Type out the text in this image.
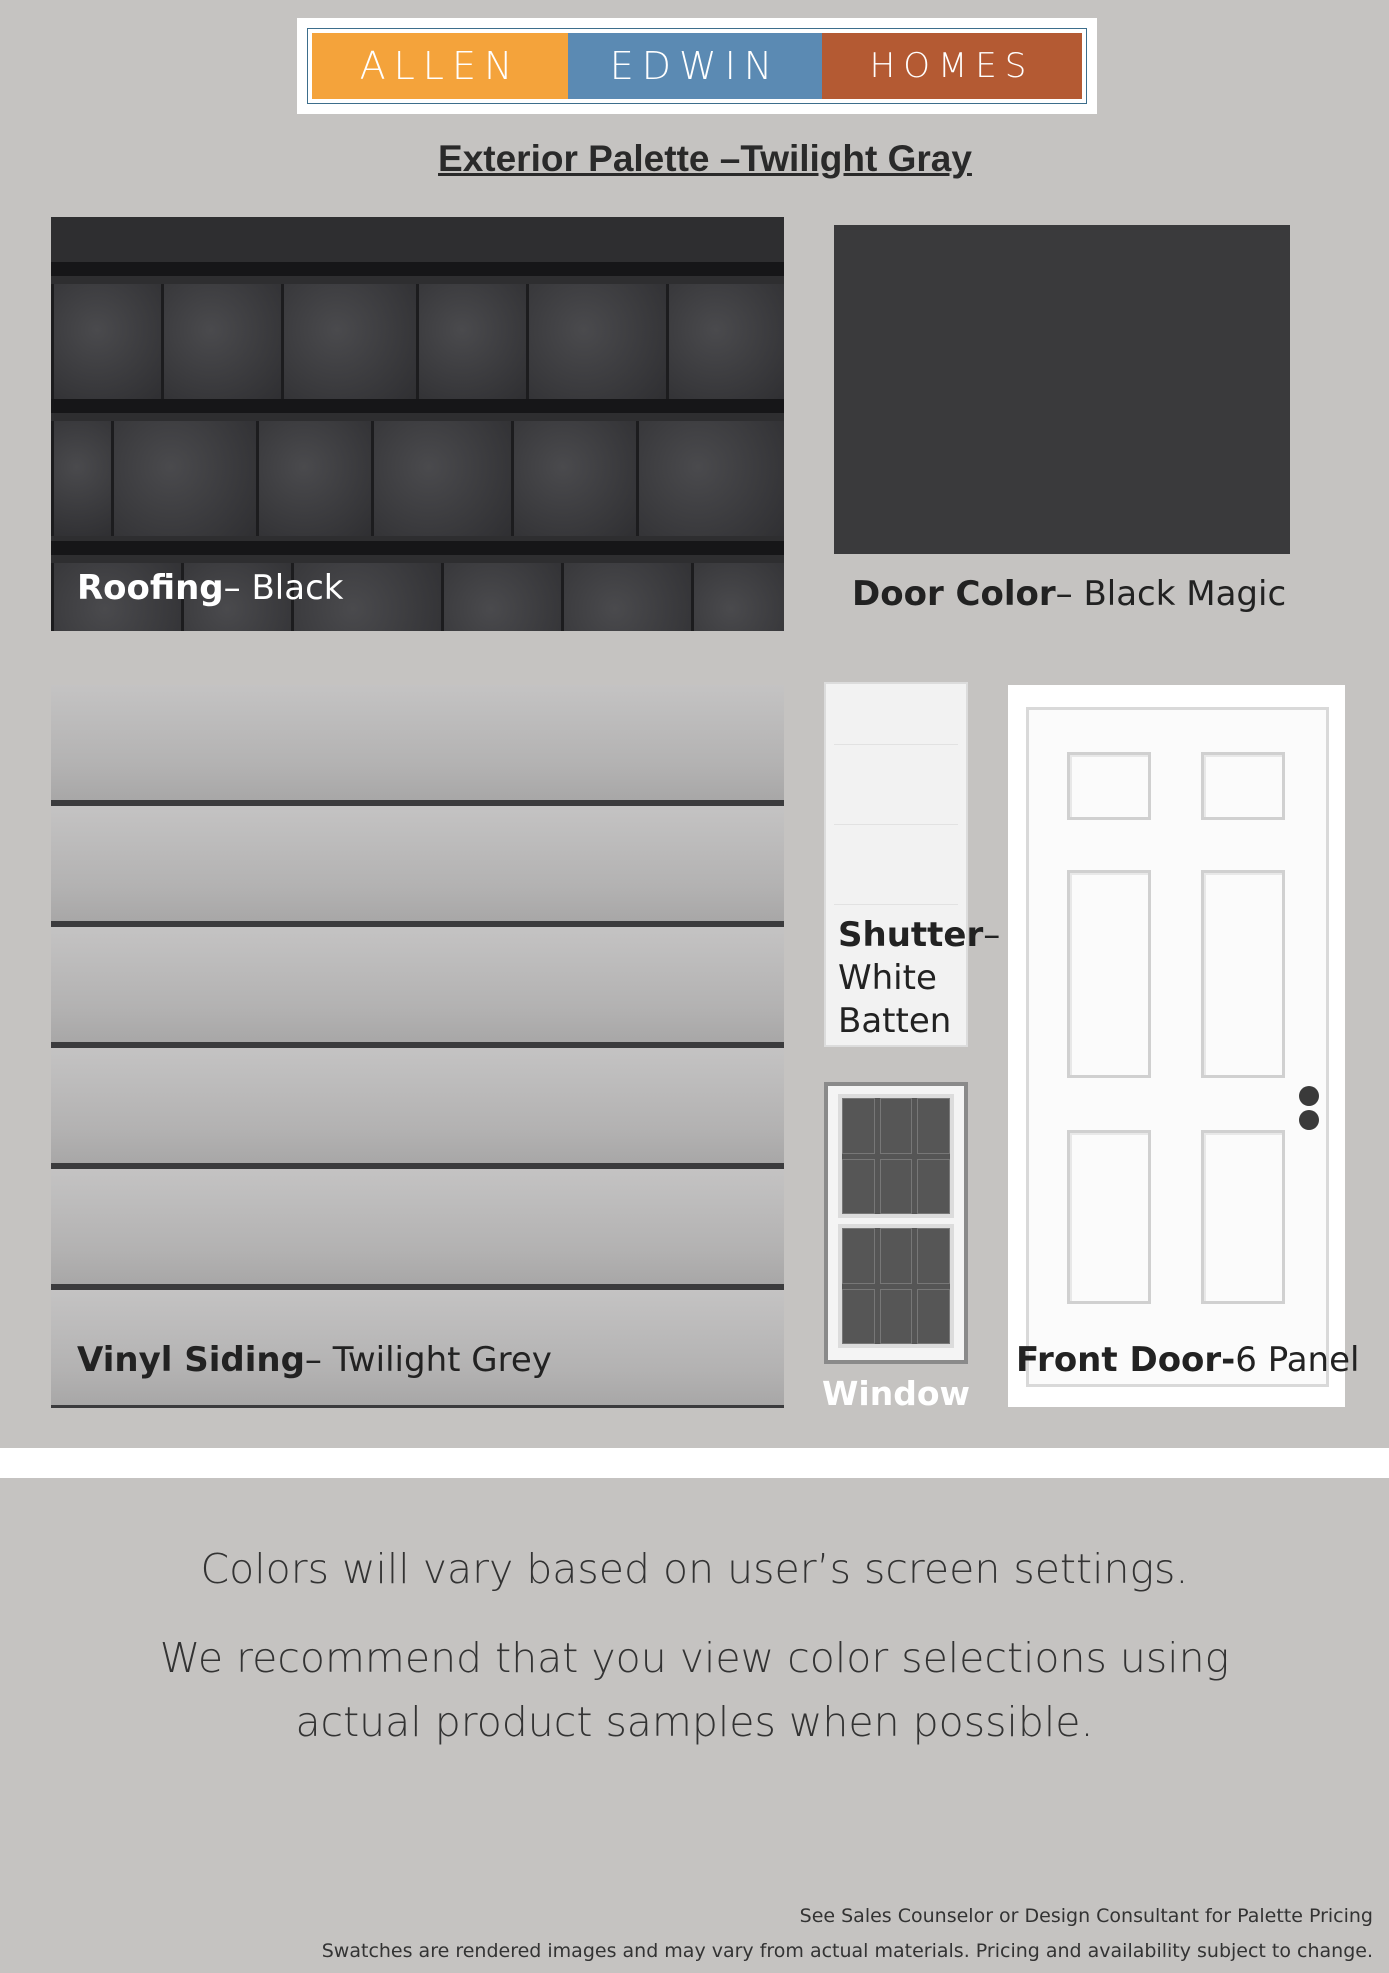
ALLEN	EDWIN	HOMES
Exterior Palette –Twilight Gray
Roofing– Black	Door Color– Black Magic
Vinyl Siding– Twilight Grey
Shutter–
White
Batten
Window
Front Door-6 Panel
Colors will vary based on user’s screen settings.
We recommend that you view color selections using
actual product samples when possible.
See Sales Counselor or Design Consultant for Palette Pricing
Swatches are rendered images and may vary from actual materials. Pricing and availability subject to change.
